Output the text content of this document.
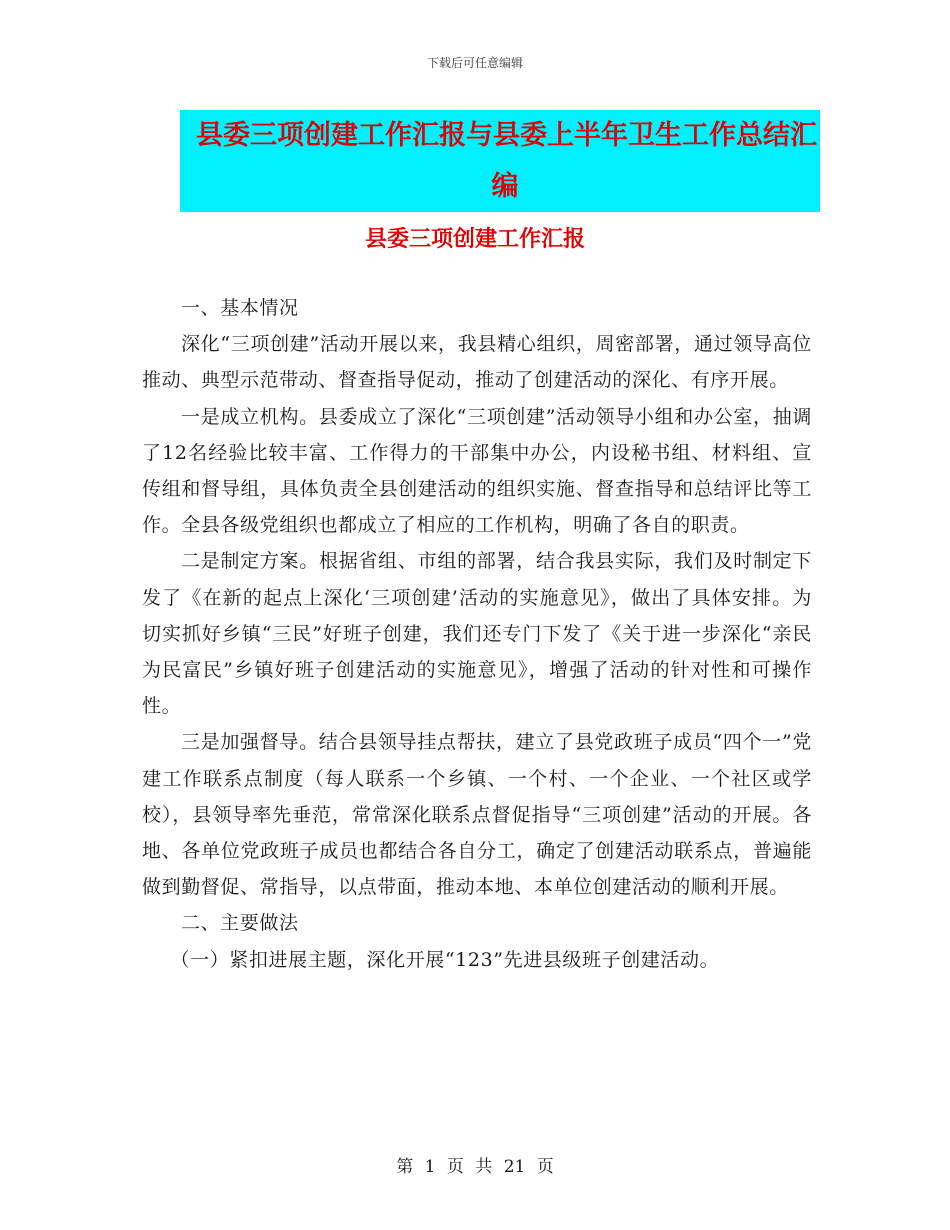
下载后可任意编辑
县委三项创建工作汇报与县委上半年卫生工作总结汇
编
县委三项创建工作汇报

一、基本情况

深化“三项创建”活动开展以来，我县精心组织，周密部署，通过领导高位推动、典型示范带动、督查指导促动，推动了创建活动的深化、有序开展。

一是成立机构。县委成立了深化“三项创建”活动领导小组和办公室，抽调了12名经验比较丰富、工作得力的干部集中办公，内设秘书组、材料组、宣传组和督导组，具体负责全县创建活动的组织实施、督查指导和总结评比等工作。全县各级党组织也都成立了相应的工作机构，明确了各自的职责。

二是制定方案。根据省组、市组的部署，结合我县实际，我们及时制定下发了《在新的起点上深化‘三项创建’活动的实施意见》，做出了具体安排。为切实抓好乡镇“三民”好班子创建，我们还专门下发了《关于进一步深化“亲民为民富民”乡镇好班子创建活动的实施意见》，增强了活动的针对性和可操作性。

三是加强督导。结合县领导挂点帮扶，建立了县党政班子成员“四个一”党建工作联系点制度（每人联系一个乡镇、一个村、一个企业、一个社区或学校），县领导率先垂范，常常深化联系点督促指导“三项创建”活动的开展。各地、各单位党政班子成员也都结合各自分工，确定了创建活动联系点，普遍能做到勤督促、常指导，以点带面，推动本地、本单位创建活动的顺利开展。

二、主要做法

（一）紧扣进展主题，深化开展“123”先进县级班子创建活动。

第 1 页 共 21 页
